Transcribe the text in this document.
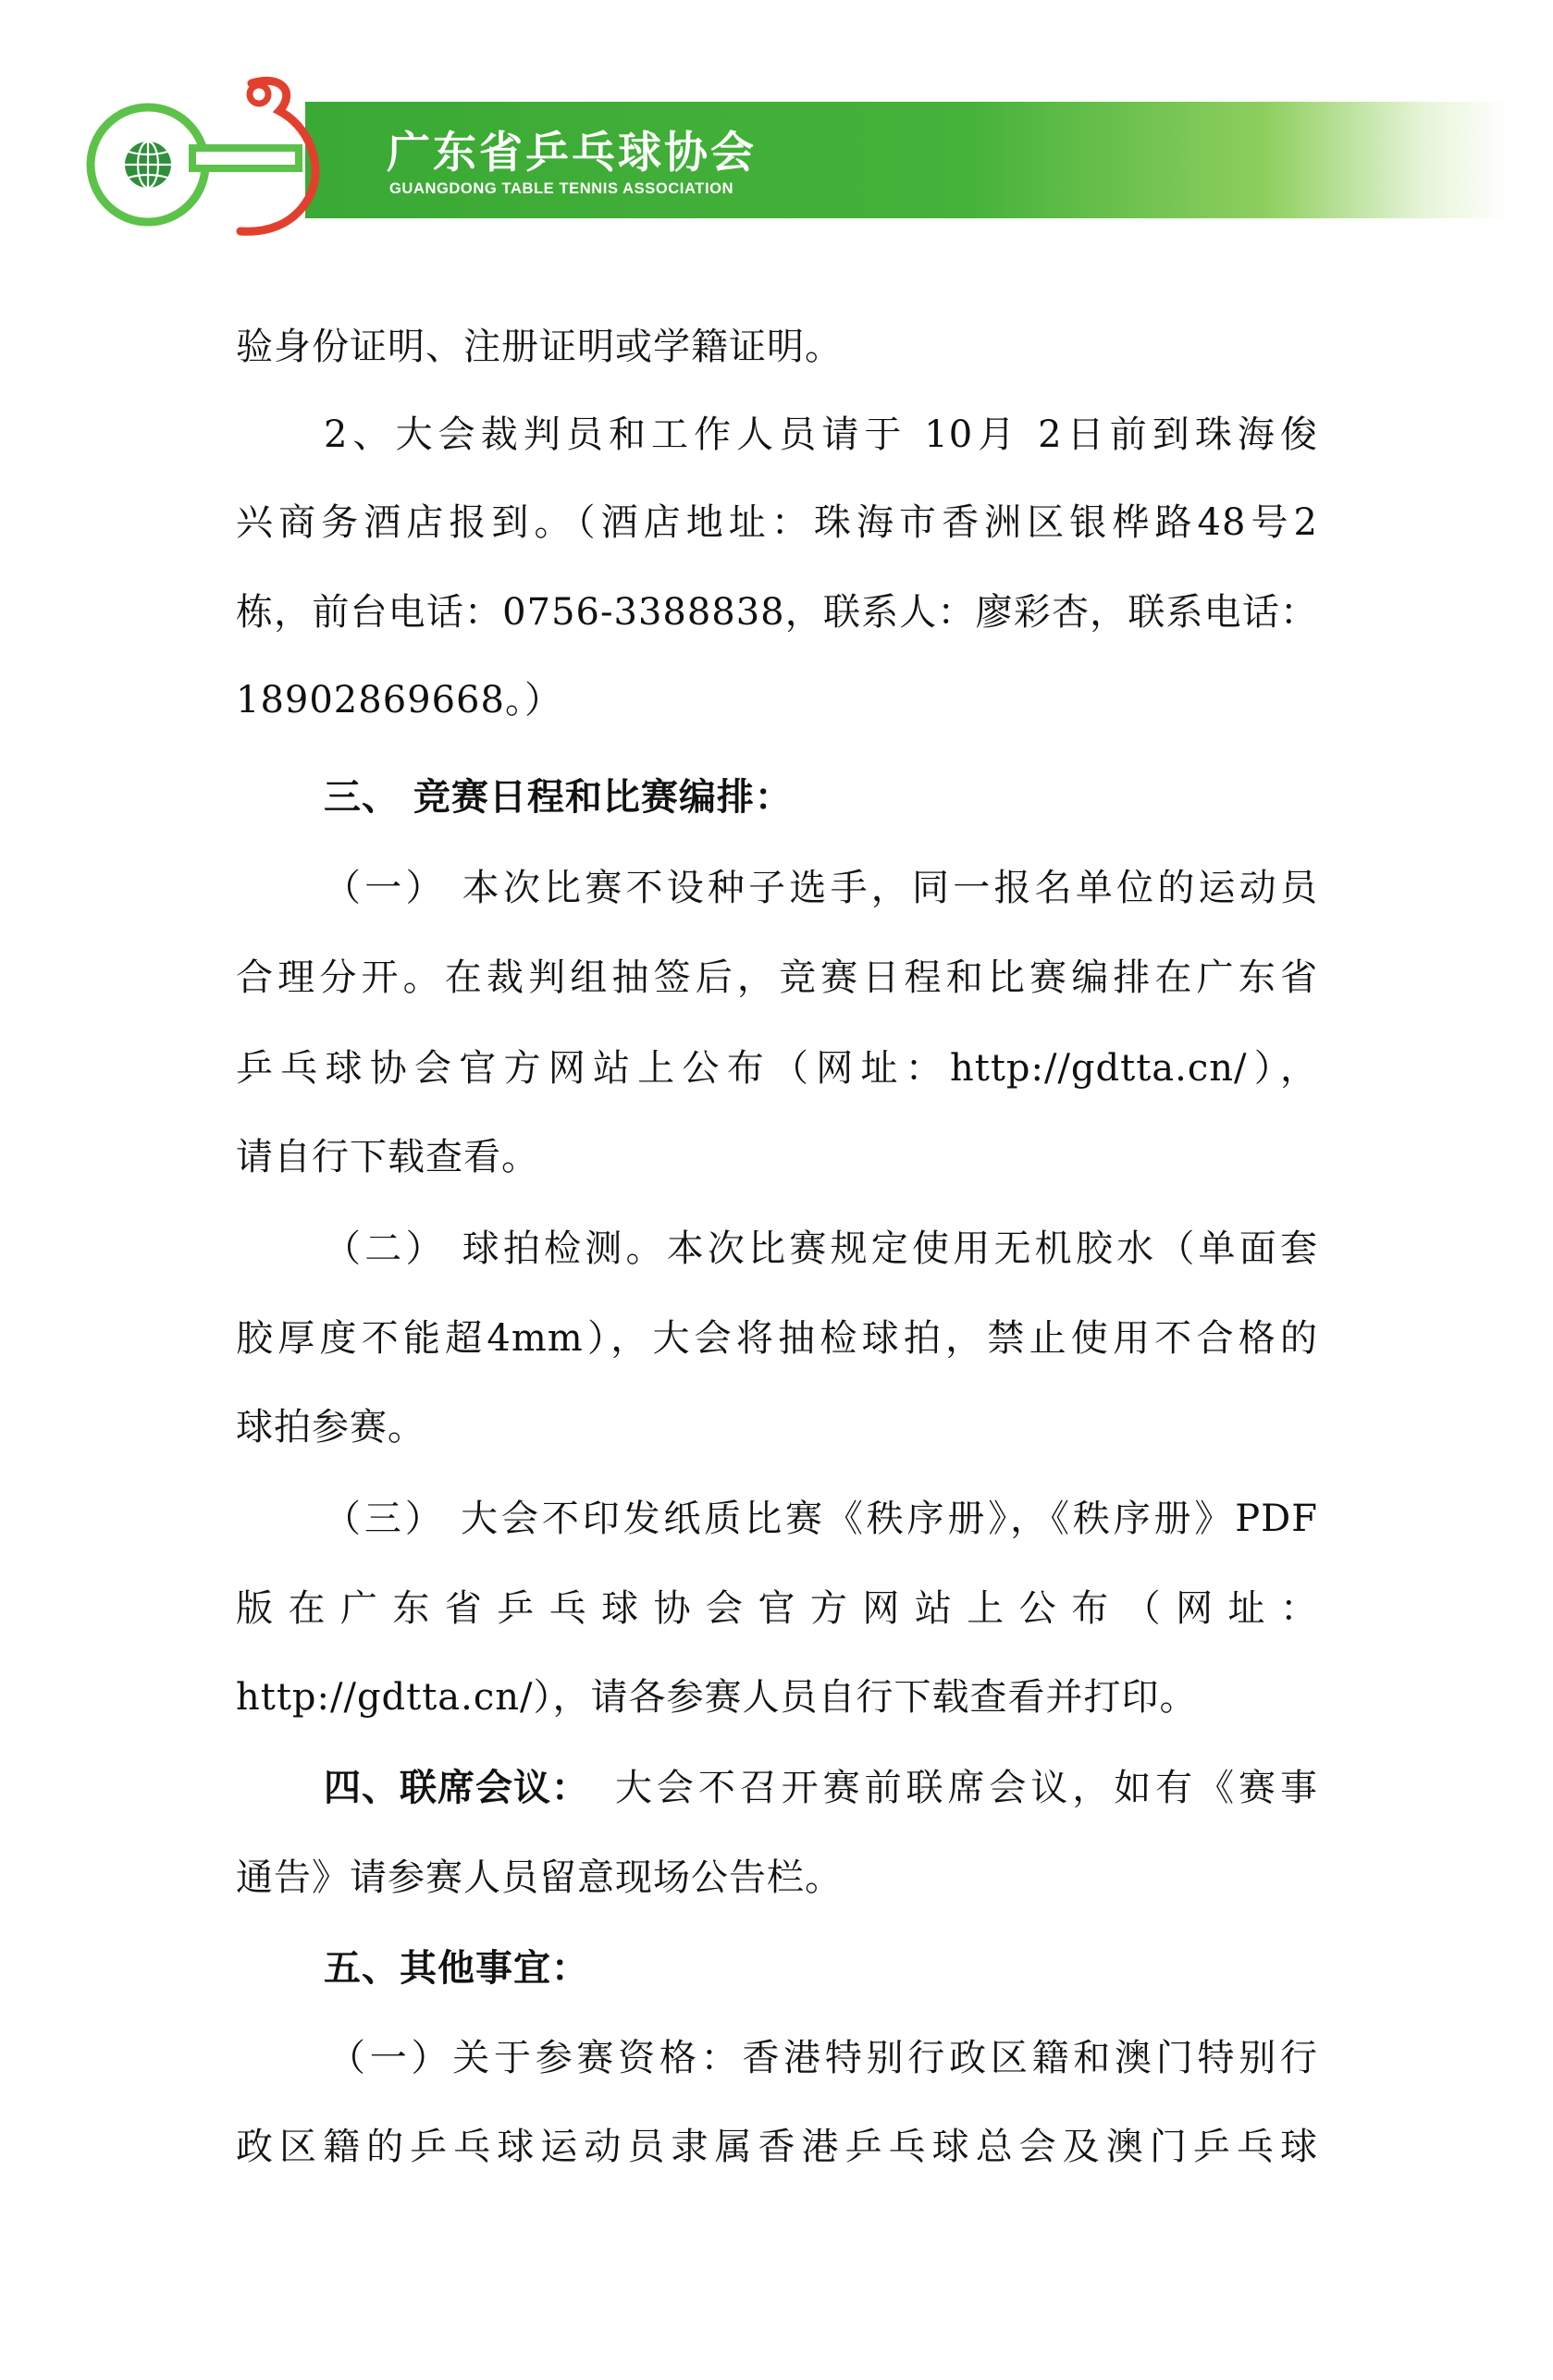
广东省乒乓球协会
GUANGDONG TABLE TENNIS ASSOCIATION
验身份证明、注册证明或学籍证明。
2、大会裁判员和工作人员请于 10月 2日前到珠海俊
兴商务酒店报到。（酒店地址：珠海市香洲区银桦路48号2
栋，前台电话：0756-3388838，联系人：廖彩杏，联系电话：
18902869668。）
三、 竞赛日程和比赛编排：
（一） 本次比赛不设种子选手，同一报名单位的运动员
合理分开。在裁判组抽签后，竞赛日程和比赛编排在广东省
乒乓球协会官方网站上公布（网址：http://gdtta.cn/），
请自行下载查看。
（二） 球拍检测。本次比赛规定使用无机胶水（单面套
胶厚度不能超4mm），大会将抽检球拍，禁止使用不合格的
球拍参赛。
（三） 大会不印发纸质比赛《秩序册》，《秩序册》PDF
版在广东省乒乓球协会官方网站上公布（网址：
http://gdtta.cn/），请各参赛人员自行下载查看并打印。
四、联席会议： 大会不召开赛前联席会议，如有《赛事
通告》请参赛人员留意现场公告栏。
五、其他事宜：
（一）关于参赛资格：香港特别行政区籍和澳门特别行
政区籍的乒乓球运动员隶属香港乒乓球总会及澳门乒乓球
